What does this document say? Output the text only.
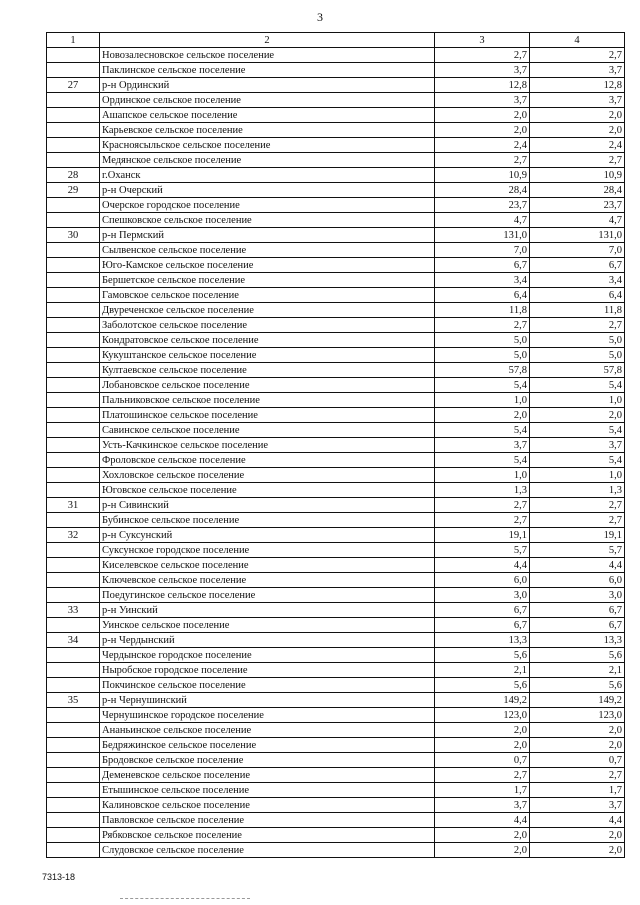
3
1	2	3	4
	Новозалесновское сельское поселение	2,7	2,7
	Паклинское сельское поселение	3,7	3,7
27	р-н Ординский	12,8	12,8
	Ординское сельское поселение	3,7	3,7
	Ашапское сельское поселение	2,0	2,0
	Карьевское сельское поселение	2,0	2,0
	Красноясыльское сельское поселение	2,4	2,4
	Медянское сельское поселение	2,7	2,7
28	г.Оханск	10,9	10,9
29	р-н Очерский	28,4	28,4
	Очерское городское поселение	23,7	23,7
	Спешковское сельское поселение	4,7	4,7
30	р-н Пермский	131,0	131,0
	Сылвенское сельское поселение	7,0	7,0
	Юго-Камское сельское поселение	6,7	6,7
	Бершетское сельское поселение	3,4	3,4
	Гамовское сельское поселение	6,4	6,4
	Двуреченское сельское поселение	11,8	11,8
	Заболотское сельское поселение	2,7	2,7
	Кондратовское сельское поселение	5,0	5,0
	Кукуштанское сельское поселение	5,0	5,0
	Култаевское сельское поселение	57,8	57,8
	Лобановское сельское поселение	5,4	5,4
	Пальниковское сельское поселение	1,0	1,0
	Платошинское сельское поселение	2,0	2,0
	Савинское сельское поселение	5,4	5,4
	Усть-Качкинское сельское поселение	3,7	3,7
	Фроловское сельское поселение	5,4	5,4
	Хохловское сельское поселение	1,0	1,0
	Юговское сельское поселение	1,3	1,3
31	р-н Сивинский	2,7	2,7
	Бубинское сельское поселение	2,7	2,7
32	р-н Суксунский	19,1	19,1
	Суксунское городское поселение	5,7	5,7
	Киселевское сельское поселение	4,4	4,4
	Ключевское сельское поселение	6,0	6,0
	Поедугинское сельское поселение	3,0	3,0
33	р-н Уинский	6,7	6,7
	Уинское сельское поселение	6,7	6,7
34	р-н Чердынский	13,3	13,3
	Чердынское городское поселение	5,6	5,6
	Ныробское городское поселение	2,1	2,1
	Покчинское сельское поселение	5,6	5,6
35	р-н Чернушинский	149,2	149,2
	Чернушинское городское поселение	123,0	123,0
	Ананьинское сельское поселение	2,0	2,0
	Бедряжинское сельское поселение	2,0	2,0
	Бродовское сельское поселение	0,7	0,7
	Деменевское сельское поселение	2,7	2,7
	Етышинское сельское поселение	1,7	1,7
	Калиновское сельское поселение	3,7	3,7
	Павловское сельское поселение	4,4	4,4
	Рябковское сельское поселение	2,0	2,0
	Слудовское сельское поселение	2,0	2,0
7313-18
